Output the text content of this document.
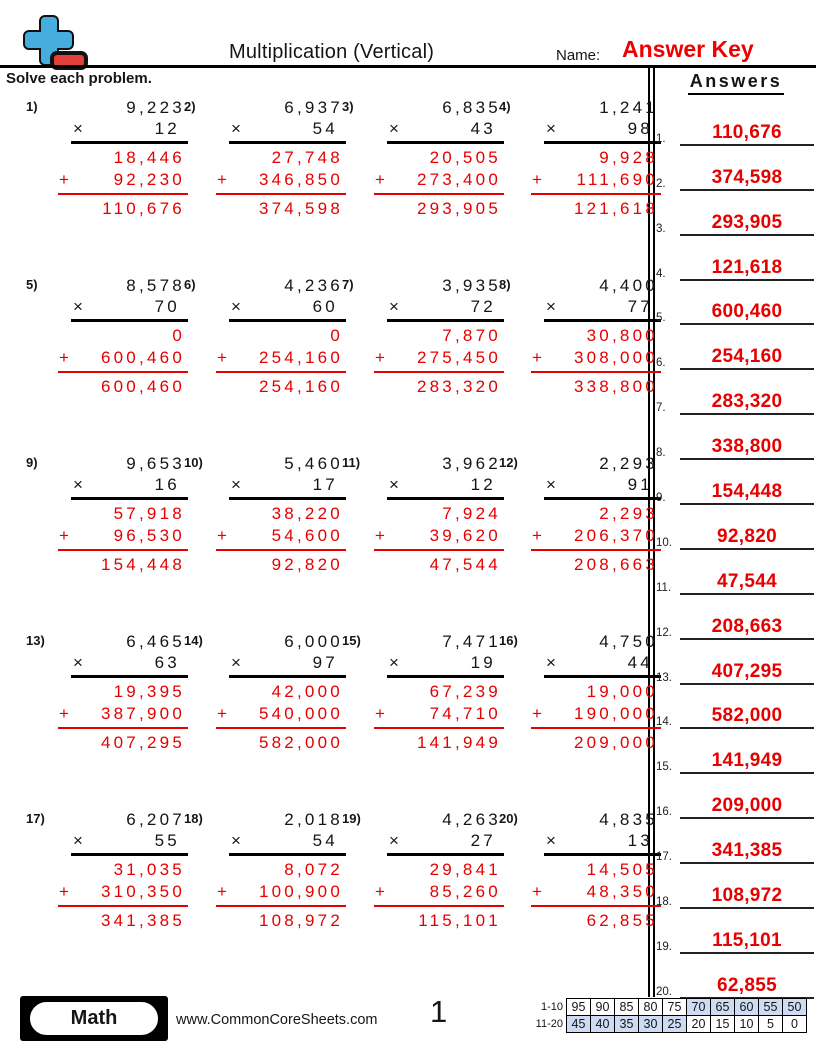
Multiplication (Vertical)	Name: Answer Key
Solve each problem.
1)	9,223
×	12
18,446
+	92,230
110,676
2)	6,937
×	54
27,748
+	346,850
374,598
3)	6,835
×	43
20,505
+	273,400
293,905
4)	1,241
×	98
9,928
+	111,690
121,618
5)	8,578
×	70
0
+	600,460
600,460
6)	4,236
×	60
0
+	254,160
254,160
7)	3,935
×	72
7,870
+	275,450
283,320
8)	4,400
×	77
30,800
+	308,000
338,800
9)	9,653
×	16
57,918
+	96,530
154,448
10)	5,460
×	17
38,220
+	54,600
92,820
11)	3,962
×	12
7,924
+	39,620
47,544
12)	2,293
×	91
2,293
+	206,370
208,663
13)	6,465
×	63
19,395
+	387,900
407,295
14)	6,000
×	97
42,000
+	540,000
582,000
15)	7,471
×	19
67,239
+	74,710
141,949
16)	4,750
×	44
19,000
+	190,000
209,000
17)	6,207
×	55
31,035
+	310,350
341,385
18)	2,018
×	54
8,072
+	100,900
108,972
19)	4,263
×	27
29,841
+	85,260
115,101
20)	4,835
×	13
14,505
+	48,350
62,855
Answers
1.	110,676
2.	374,598
3.	293,905
4.	121,618
5.	600,460
6.	254,160
7.	283,320
8.	338,800
9.	154,448
10.	92,820
11.	47,544
12.	208,663
13.	407,295
14.	582,000
15.	141,949
16.	209,000
17.	341,385
18.	108,972
19.	115,101
20.	62,855
Math	www.CommonCoreSheets.com 1	1-10	95	90	85	80	75	70	65	60	55	50
11-20	45	40	35	30	25	20	15	10	5	0
